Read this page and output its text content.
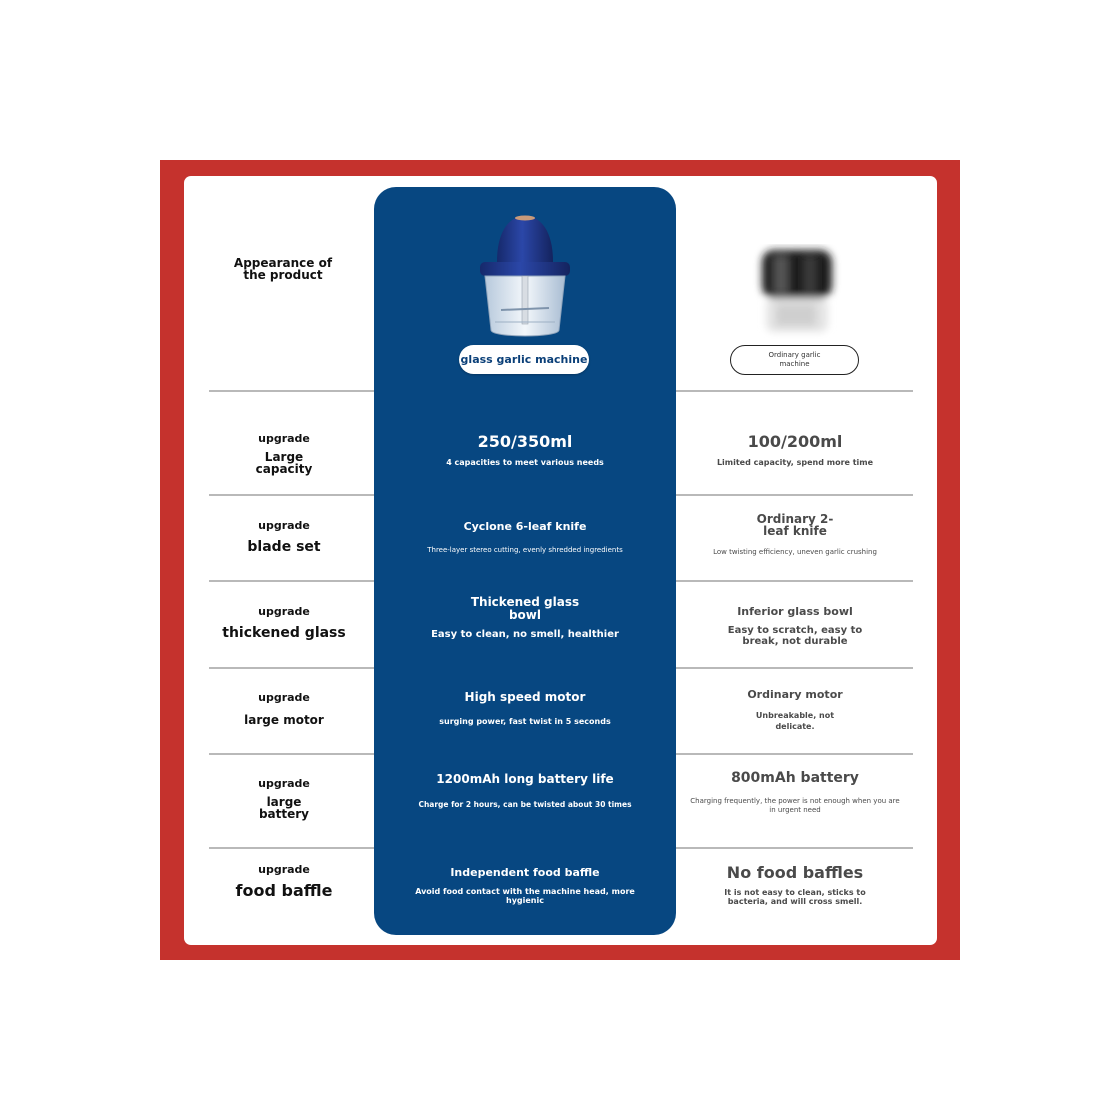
Appearance of the product
glass garlic machine	Ordinary garlic machine
upgrade
Large capacity
250/350ml
4 capacities to meet various needs
100/200ml
Limited capacity, spend more time
upgrade
blade set
Cyclone 6-leaf knife
Three-layer stereo cutting, evenly shredded ingredients
Ordinary 2-leaf knife
Low twisting efficiency, uneven garlic crushing
upgrade
thickened glass
Thickened glass bowl
Easy to clean, no smell, healthier
Inferior glass bowl
Easy to scratch, easy to break, not durable
upgrade
large motor
High speed motor
surging power, fast twist in 5 seconds
Ordinary motor
Unbreakable, not delicate.
upgrade
large battery
1200mAh long battery life
Charge for 2 hours, can be twisted about 30 times
800mAh battery
Charging frequently, the power is not enough when you are in urgent need
upgrade
food baffle
Independent food baffle
Avoid food contact with the machine head, more hygienic
No food baffles
It is not easy to clean, sticks to bacteria, and will cross smell.
